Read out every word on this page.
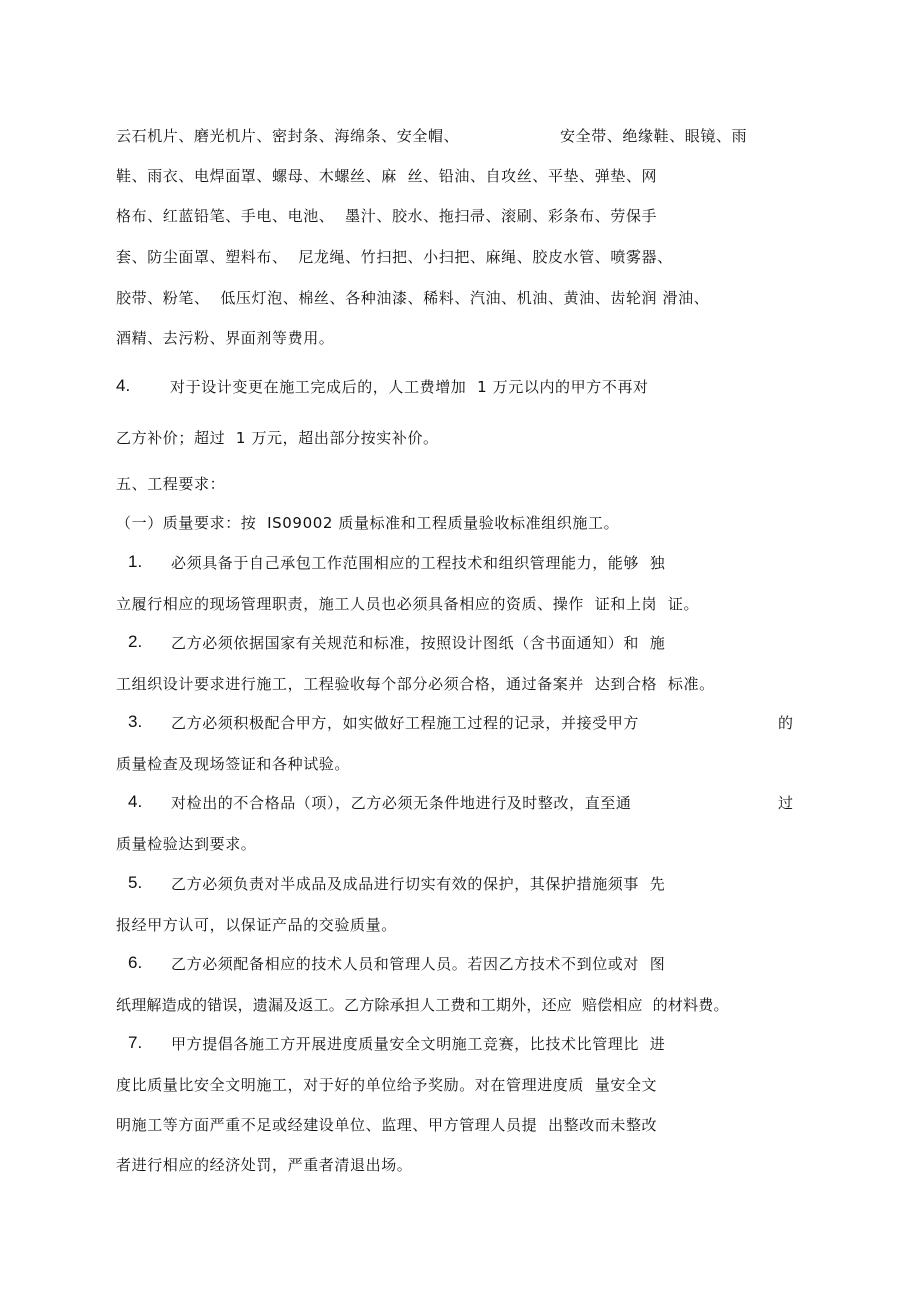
云石机片、磨光机片、密封条、海绵条、安全帽、	安全带、绝缘鞋、眼镜、雨
鞋、雨衣、电焊面罩、螺母、木螺丝、麻  丝、铅油、自攻丝、平垫、弹垫、网
格布、红蓝铅笔、手电、电池、  墨汁、胶水、拖扫帚、滚刷、彩条布、劳保手
套、防尘面罩、塑料布、  尼龙绳、竹扫把、小扫把、麻绳、胶皮水管、喷雾器、
胶带、粉笔、  低压灯泡、棉丝、各种油漆、稀料、汽油、机油、黄油、齿轮润 滑油、
酒精、去污粉、界面剂等费用。
4.	对于设计变更在施工完成后的，人工费增加  1 万元以内的甲方不再对
乙方补价；超过  1 万元，超出部分按实补价。
五、工程要求：
（一）质量要求：按  IS09002 质量标准和工程质量验收标准组织施工。
1. 必须具备于自己承包工作范围相应的工程技术和组织管理能力，能够  独
立履行相应的现场管理职责，施工人员也必须具备相应的资质、操作  证和上岗  证。
2. 乙方必须依据国家有关规范和标准，按照设计图纸（含书面通知）和  施
工组织设计要求进行施工，工程验收每个部分必须合格，通过备案并  达到合格  标准。
3. 乙方必须积极配合甲方，如实做好工程施工过程的记录，并接受甲方	的
质量检查及现场签证和各种试验。
4. 对检出的不合格品（项），乙方必须无条件地进行及时整改，直至通	过
质量检验达到要求。
5. 乙方必须负责对半成品及成品进行切实有效的保护，其保护措施须事  先
报经甲方认可，以保证产品的交验质量。
6. 乙方必须配备相应的技术人员和管理人员。若因乙方技术不到位或对  图
纸理解造成的错误，遗漏及返工。乙方除承担人工费和工期外，还应  赔偿相应  的材料费。
7. 甲方提倡各施工方开展进度质量安全文明施工竞赛，比技术比管理比  进
度比质量比安全文明施工，对于好的单位给予奖励。对在管理进度质  量安全文
明施工等方面严重不足或经建设单位、监理、甲方管理人员提  出整改而未整改
者进行相应的经济处罚，严重者清退出场。
